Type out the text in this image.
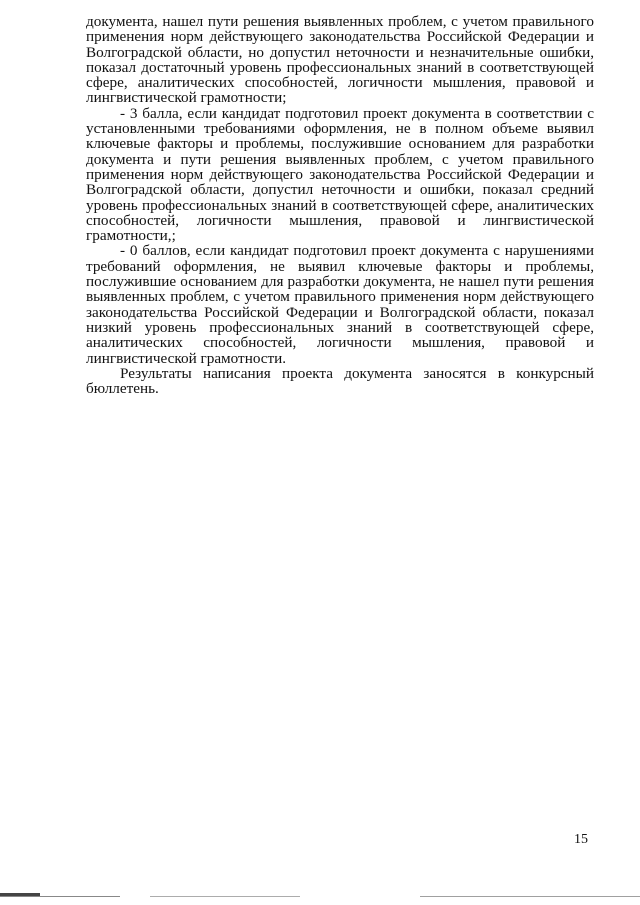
документа, нашел пути решения выявленных проблем, с учетом правильного применения норм действующего законодательства Российской Федерации и Волгоградской области, но допустил неточности и незначительные ошибки, показал достаточный уровень профессиональных знаний в соответствующей сфере, аналитических способностей, логичности мышления, правовой и лингвистической грамотности;

- 3 балла, если кандидат подготовил проект документа в соответствии с установленными требованиями оформления, не в полном объеме выявил ключевые факторы и проблемы, послужившие основанием для разработки документа и пути решения выявленных проблем, с учетом правильного применения норм действующего законодательства Российской Федерации и Волгоградской области, допустил неточности и ошибки, показал средний уровень профессиональных знаний в соответствующей сфере, аналитических способностей, логичности мышления, правовой и лингвистической грамотности,;

- 0 баллов, если кандидат подготовил проект документа с нарушениями требований оформления, не выявил ключевые факторы и проблемы, послужившие основанием для разработки документа, не нашел пути решения выявленных проблем, с учетом правильного применения норм действующего законодательства Российской Федерации и Волгоградской области, показал низкий уровень профессиональных знаний в соответствующей сфере, аналитических способностей, логичности мышления, правовой и лингвистической грамотности.

Результаты написания проекта документа заносятся в конкурсный бюллетень.

15
